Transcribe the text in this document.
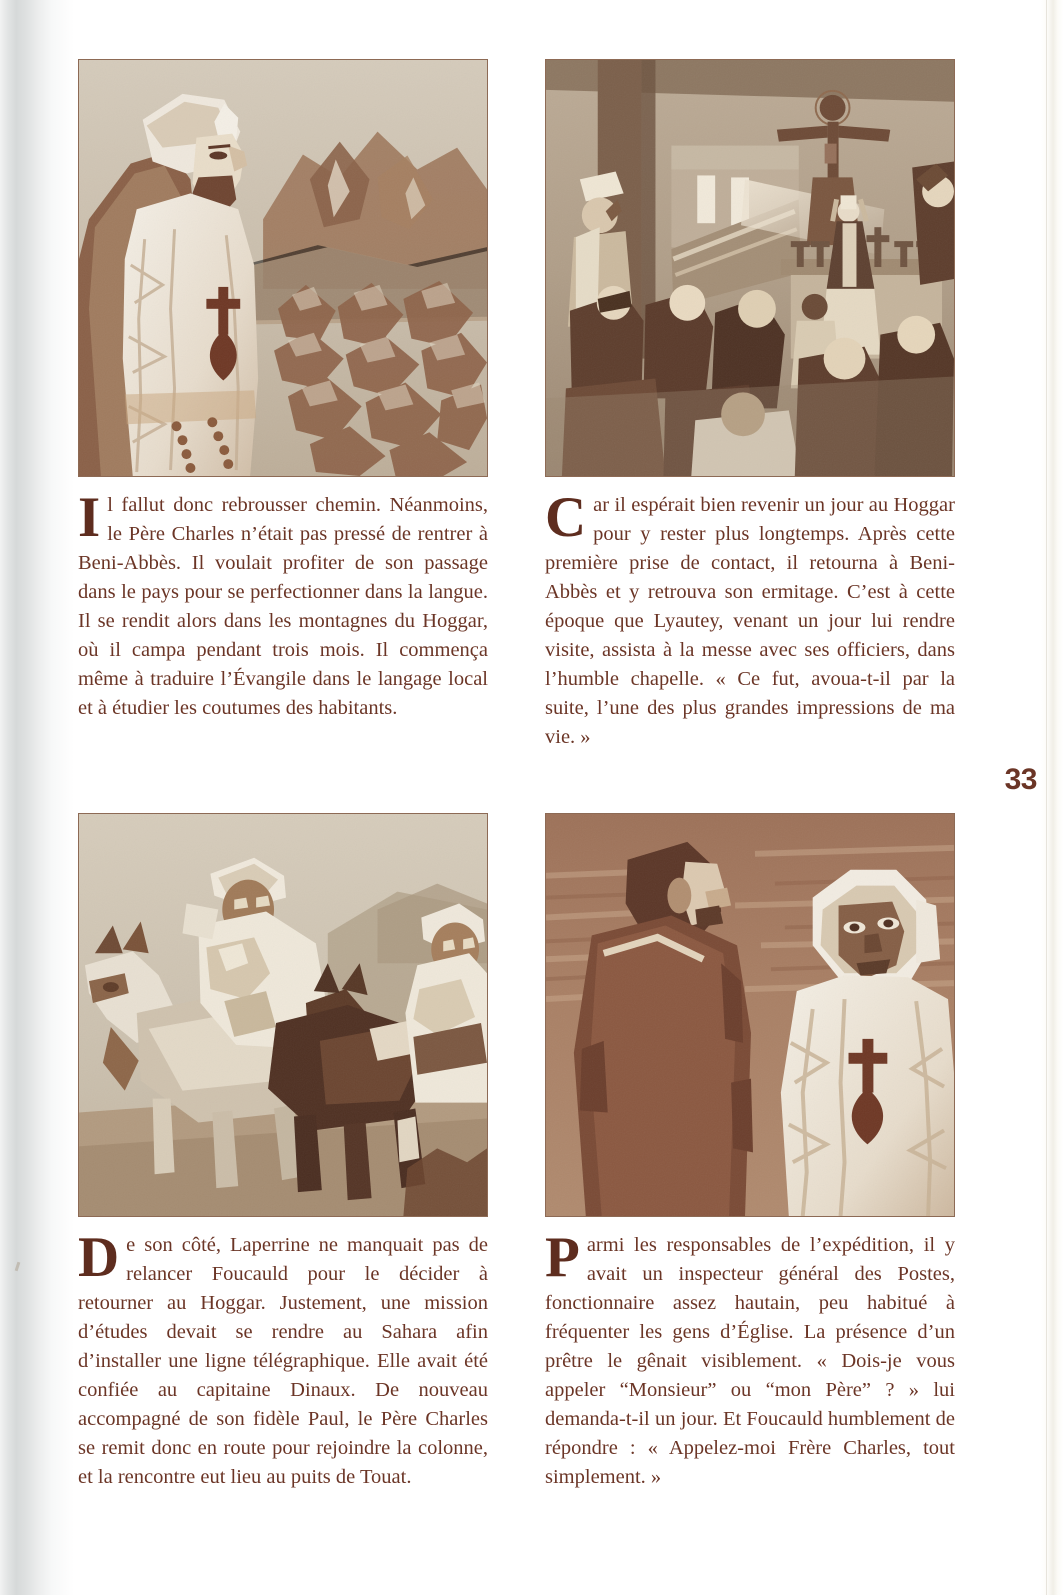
Il fallut donc rebrousser chemin. Néanmoins, le Père Charles n’était pas pressé de rentrer à Beni-Abbès. Il voulait profiter de son passage dans le pays pour se perfectionner dans la langue. Il se rendit alors dans les montagnes du Hoggar, où il campa pendant trois mois. Il commença même à traduire l’Évangile dans le langage local et à étudier les coutumes des habitants.

Car il espérait bien revenir un jour au Hoggar pour y rester plus longtemps. Après cette première prise de contact, il retourna à Beni-Abbès et y retrouva son ermitage. C’est à cette époque que Lyautey, venant un jour lui rendre visite, assista à la messe avec ses officiers, dans l’humble chapelle. « Ce fut, avoua-t-il par la suite, l’une des plus grandes impressions de ma vie. »

De son côté, Laperrine ne manquait pas de relancer Foucauld pour le décider à retourner au Hoggar. Justement, une mission d’études devait se rendre au Sahara afin d’installer une ligne télégraphique. Elle avait été confiée au capitaine Dinaux. De nouveau accompagné de son fidèle Paul, le Père Charles se remit donc en route pour rejoindre la colonne, et la rencontre eut lieu au puits de Touat.

Parmi les responsables de l’expédition, il y avait un inspecteur général des Postes, fonctionnaire assez hautain, peu habitué à fréquenter les gens d’Église. La présence d’un prêtre le gênait visiblement. « Dois-je vous appeler “Monsieur” ou “mon Père” ? » lui demanda-t-il un jour. Et Foucauld humblement de répondre : « Appelez-moi Frère Charles, tout simplement. »

33
